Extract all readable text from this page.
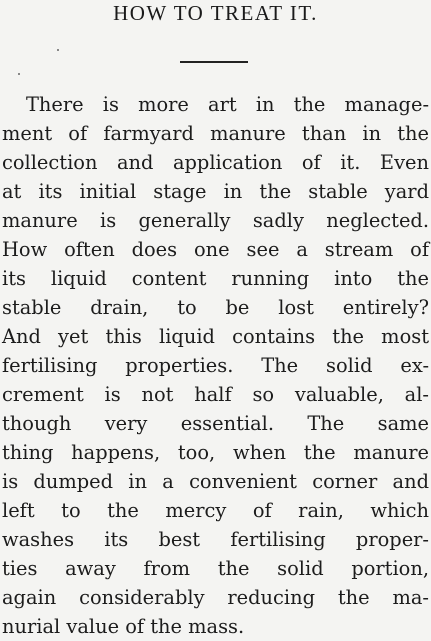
HOW TO TREAT IT.
There is more art in the manage-
ment of farmyard manure than in the
collection and application of it. Even
at its initial stage in the stable yard
manure is generally sadly neglected.
How often does one see a stream of
its liquid content running into the
stable drain, to be lost entirely?
And yet this liquid contains the most
fertilising properties. The solid ex-
crement is not half so valuable, al-
though very essential. The same
thing happens, too, when the manure
is dumped in a convenient corner and
left to the mercy of rain, which
washes its best fertilising proper-
ties away from the solid portion,
again considerably reducing the ma-
nurial value of the mass.
